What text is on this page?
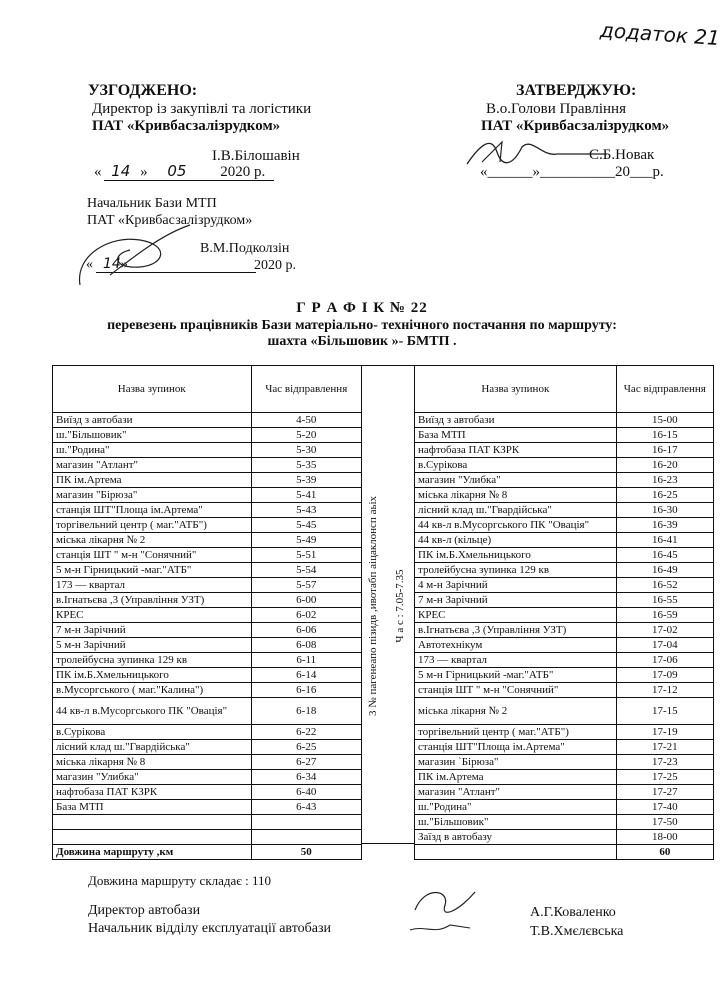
додаток 21
УЗГОДЖЕНО:
Директор із закупівлі та логістики
ПАТ «Кривбасзалізрудком»
І.В.Білошавін
« 14 » 05 2020 р.
ЗАТВЕРДЖУЮ:
В.о.Голови Правління
ПАТ «Кривбасзалізрудком»
С.Б.Новак
«______»__________20___р.
Начальник Бази МТП
ПАТ «Кривбасзалізрудком»
В.М.Подколзін
« 14»	2020 р.
Г Р А Ф І К № 22
перевезень працівників Бази матеріально- технічного постачання по маршруту:
шахта «Більшовик »- БМТП .
Назва зупинок	Час відправлення
Виїзд з автобази	4-50
ш."Більшовик"	5-20
ш."Родина"	5-30
магазин "Атлант"	5-35
ПК ім.Артема	5-39
магазин "Бірюза"	5-41
станція ШТ"Площа ім.Артема"	5-43
торгівельний центр ( маг."АТБ")	5-45
міська лікарня № 2	5-49
станція ШТ " м-н "Сонячний"	5-51
5 м-н Гірницький -маг."АТБ"	5-54
173 — квартал	5-57
в.Ігнатьєва ,3 (Управління УЗТ)	6-00
КРЕС	6-02
7 м-н Зарічний	6-06
5 м-н Зарічний	6-08
тролейбусна зупинка 129 кв	6-11
ПК ім.Б.Хмельницького	6-14
в.Мусоргського ( маг."Калина")	6-16
44 кв-л в.Мусоргського ПК "Овація"	6-18
в.Сурікова	6-22
лісний клад ш."Гвардійська"	6-25
міська лікарня № 8	6-27
магазин "Улибка"	6-34
нафтобаза ПАТ КЗРК	6-40
База МТП	6-43

Довжина маршруту ,км	50
3 № пагенеапо пізидв ,ивотабп аіцаклонсп аьіх Ч а с : 7.05-7.35
Назва зупинок	Час відправлення
Виїзд з автобази	15-00
База МТП	16-15
нафтобаза ПАТ КЗРК	16-17
в.Сурікова	16-20
магазин "Улибка"	16-23
міська лікарня № 8	16-25
лісний клад ш."Гвардійська"	16-30
44 кв-л в.Мусоргського ПК "Овація"	16-39
44 кв-л (кільце)	16-41
ПК ім.Б.Хмельницького	16-45
тролейбусна зупинка 129 кв	16-49
4 м-н Зарічний	16-52
7 м-н Зарічний	16-55
КРЕС	16-59
в.Ігнатьєва ,3 (Управління УЗТ)	17-02
Автотехнікум	17-04
173 — квартал	17-06
5 м-н Гірницький -маг."АТБ"	17-09
станція ШТ " м-н "Сонячний"	17-12
міська лікарня № 2	17-15
торгівельний центр ( маг."АТБ")	17-19
станція ШТ"Площа ім.Артема"	17-21
магазин `Бірюза"	17-23
ПК ім.Артема	17-25
магазин "Атлант"	17-27
ш."Родина"	17-40
ш."Більшовик"	17-50
Заїзд в автобазу	18-00
	60
Довжина маршруту складає : 110
Директор автобази
Начальник відділу експлуатації автобази
А.Г.Коваленко
Т.В.Хмєлєвська
